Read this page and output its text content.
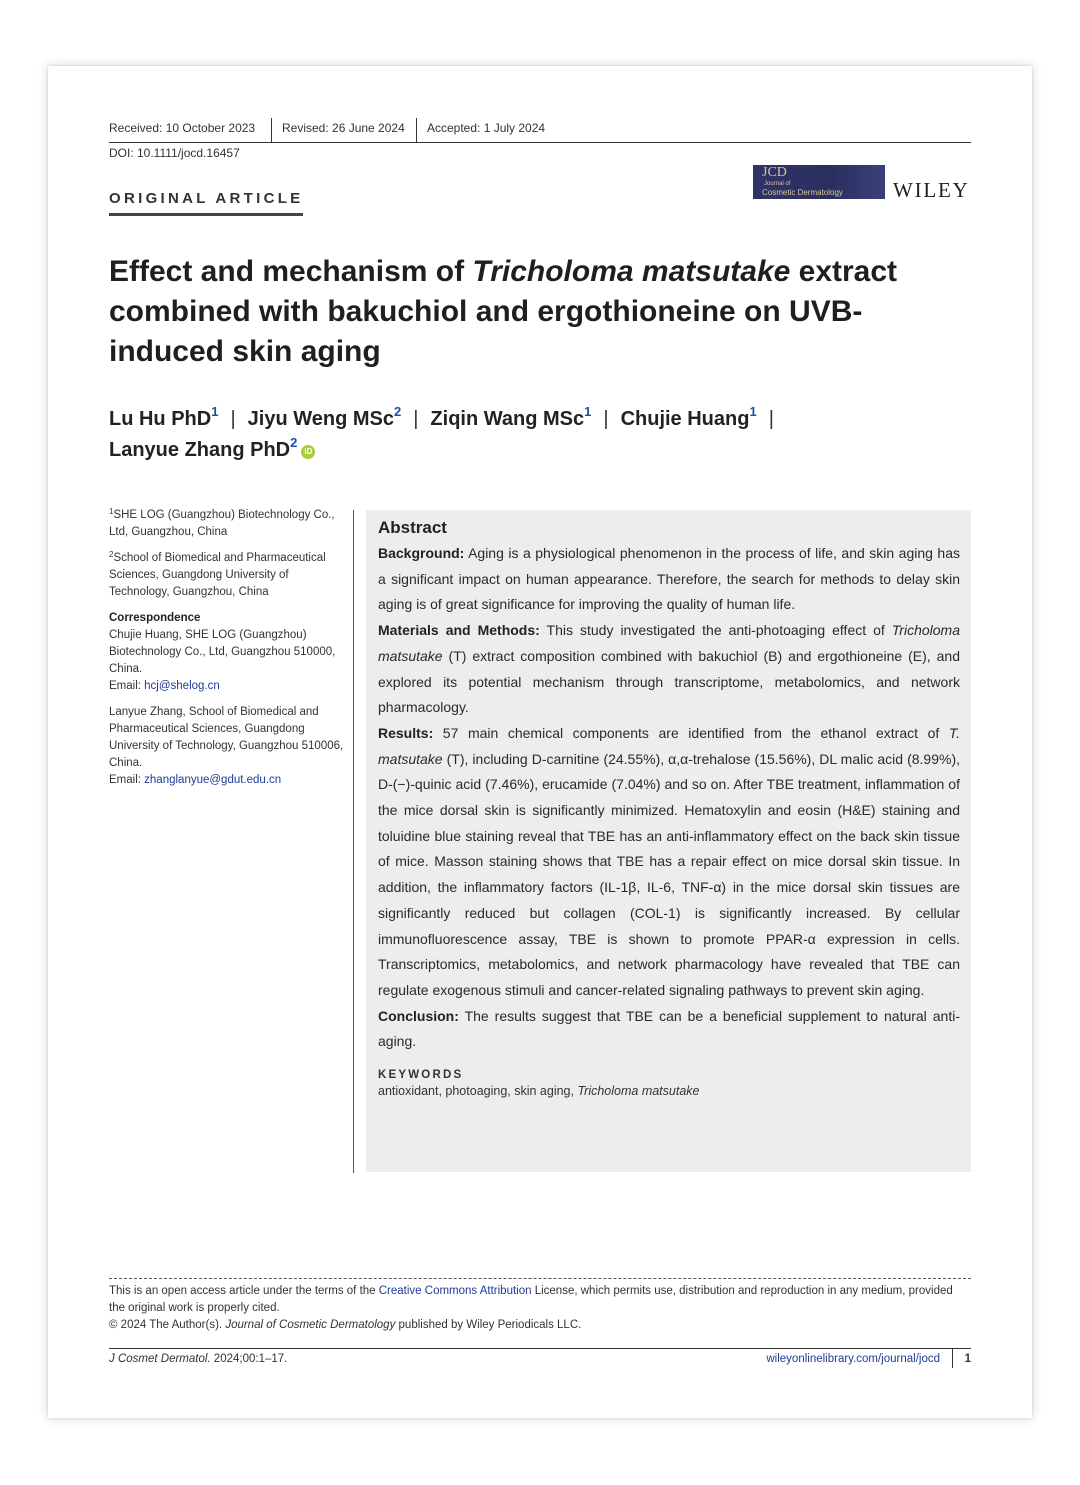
Received: 10 October 2023 Revised: 26 June 2024 Accepted: 1 July 2024
DOI: 10.1111/jocd.16457
ORIGINAL ARTICLE
JCD
Journal of
Cosmetic Dermatology WILEY
Effect and mechanism of Tricholoma matsutake extract combined with bakuchiol and ergothioneine on UVB-induced skin aging
Lu Hu PhD$^1$ | Jiyu Weng MSc$^2$ | Ziqin Wang MSc$^1$ | Chujie Huang$^1$ |
Lanyue Zhang PhD$^2$iD

$^1$SHE LOG (Guangzhou) Biotechnology Co., Ltd, Guangzhou, China

$^2$School of Biomedical and Pharmaceutical Sciences, Guangdong University of Technology, Guangzhou, China

Correspondence

Chujie Huang, SHE LOG (Guangzhou) Biotechnology Co., Ltd, Guangzhou 510000, China.
Email: hcj@shelog.cn

Lanyue Zhang, School of Biomedical and Pharmaceutical Sciences, Guangdong University of Technology, Guangzhou 510006, China.
Email: zhanglanyue@gdut.edu.cn

Abstract

Background: Aging is a physiological phenomenon in the process of life, and skin aging has a significant impact on human appearance. Therefore, the search for methods to delay skin aging is of great significance for improving the quality of human life.

Materials and Methods: This study investigated the anti-photoaging effect of Tricholoma matsutake (T) extract composition combined with bakuchiol (B) and ergothioneine (E), and explored its potential mechanism through transcriptome, metabolomics, and network pharmacology.

Results: 57 main chemical components are identified from the ethanol extract of T. matsutake (T), including D-carnitine (24.55%), α,α-trehalose (15.56%), DL malic acid (8.99%), D-(−)-quinic acid (7.46%), erucamide (7.04%) and so on. After TBE treatment, inflammation of the mice dorsal skin is significantly minimized. Hematoxylin and eosin (H&E) staining and toluidine blue staining reveal that TBE has an anti-inflammatory effect on the back skin tissue of mice. Masson staining shows that TBE has a repair effect on mice dorsal skin tissue. In addition, the inflammatory factors (IL-1β, IL-6, TNF-α) in the mice dorsal skin tissues are significantly reduced but collagen (COL-1) is significantly increased. By cellular immunofluorescence assay, TBE is shown to promote PPAR-α expression in cells. Transcriptomics, metabolomics, and network pharmacology have revealed that TBE can regulate exogenous stimuli and cancer-related signaling pathways to prevent skin aging.

Conclusion: The results suggest that TBE can be a beneficial supplement to natural anti-aging.

KEYWORDS
antioxidant, photoaging, skin aging, Tricholoma matsutake
This is an open access article under the terms of the Creative Commons Attribution License, which permits use, distribution and reproduction in any medium, provided the original work is properly cited.
© 2024 The Author(s). Journal of Cosmetic Dermatology published by Wiley Periodicals LLC.
J Cosmet Dermatol. 2024;00:1–17.	wileyonlinelibrary.com/journal/jocd 1
